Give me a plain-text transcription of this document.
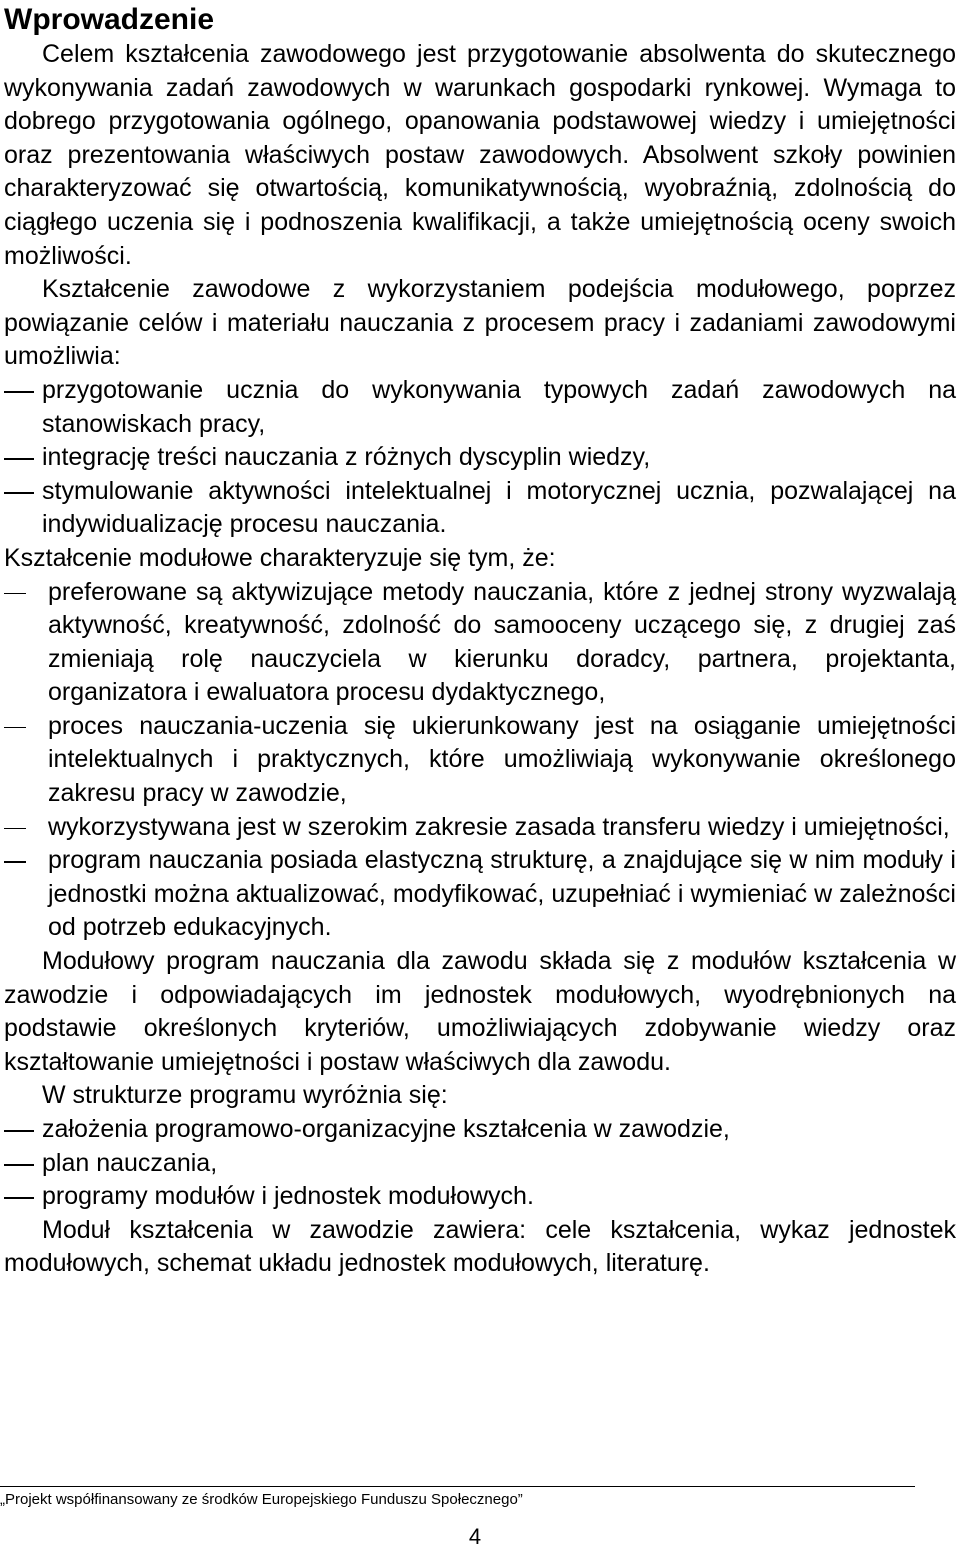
Wprowadzenie

Celem kształcenia zawodowego jest przygotowanie absolwenta do skutecznego wykonywania zadań zawodowych w warunkach gospodarki rynkowej. Wymaga to dobrego przygotowania ogólnego, opanowania podstawowej wiedzy i umiejętności oraz prezentowania właściwych postaw zawodowych. Absolwent szkoły powinien charakteryzować się otwartością, komunikatywnością, wyobraźnią, zdolnością do ciągłego uczenia się i podnoszenia kwalifikacji, a także umiejętnością oceny swoich możliwości.

Kształcenie zawodowe z wykorzystaniem podejścia modułowego, poprzez powiązanie celów i materiału nauczania z procesem pracy i zadaniami zawodowymi umożliwia:

przygotowanie ucznia do wykonywania typowych zadań zawodowych na stanowiskach pracy,
integrację treści nauczania z różnych dyscyplin wiedzy,
stymulowanie aktywności intelektualnej i motorycznej ucznia, pozwalającej na indywidualizację procesu nauczania.

Kształcenie modułowe charakteryzuje się tym, że:

preferowane są aktywizujące metody nauczania, które z jednej strony wyzwalają aktywność, kreatywność, zdolność do samooceny uczącego się, z drugiej zaś zmieniają rolę nauczyciela w kierunku doradcy, partnera, projektanta, organizatora i ewaluatora procesu dydaktycznego,
proces nauczania-uczenia się ukierunkowany jest na osiąganie umiejętności intelektualnych i praktycznych, które umożliwiają wykonywanie określonego zakresu pracy w zawodzie,
wykorzystywana jest w szerokim zakresie zasada transferu wiedzy i umiejętności,
program nauczania posiada elastyczną strukturę, a znajdujące się w nim moduły i jednostki można aktualizować, modyfikować, uzupełniać i wymieniać w zależności od potrzeb edukacyjnych.

Modułowy program nauczania dla zawodu składa się z modułów kształcenia w zawodzie i odpowiadających im jednostek modułowych, wyodrębnionych na podstawie określonych kryteriów, umożliwiających zdobywanie wiedzy oraz kształtowanie umiejętności i postaw właściwych dla zawodu.

W strukturze programu wyróżnia się:

założenia programowo-organizacyjne kształcenia w zawodzie,
plan nauczania,
programy modułów i jednostek modułowych.

Moduł kształcenia w zawodzie zawiera: cele kształcenia, wykaz jednostek modułowych, schemat układu jednostek modułowych, literaturę.

„Projekt współfinansowany ze środków Europejskiego Funduszu Społecznego”
4
